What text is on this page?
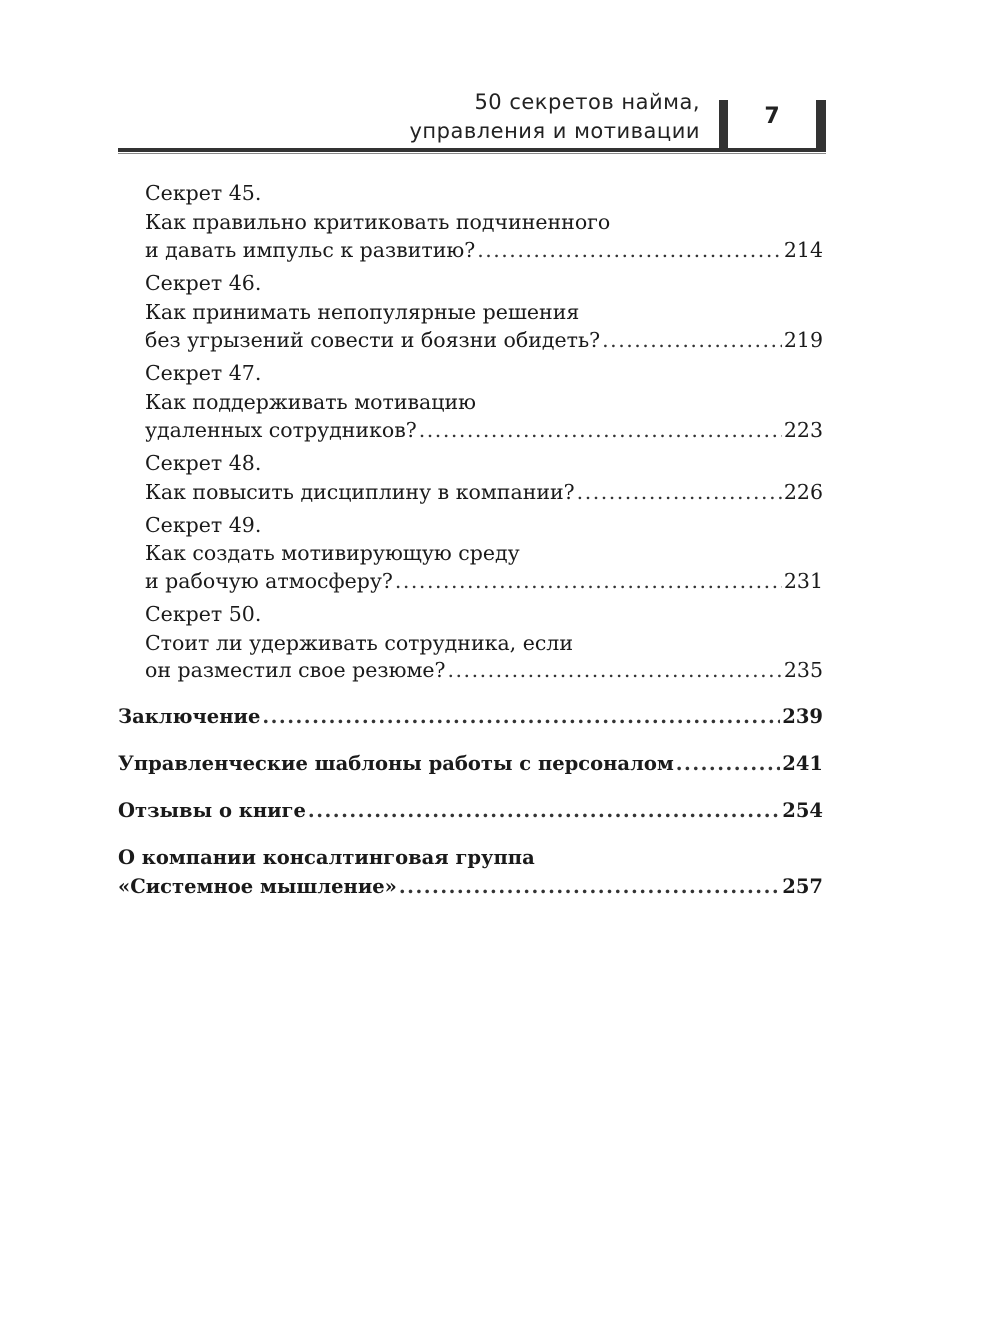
50 секретов найма,
управления и мотивации
7
Секрет 45.
Как правильно критиковать подчиненного
и давать импульс к развитию? .....	214
Секрет 46.
Как принимать непопулярные решения
без угрызений совести и боязни обидеть? .....	219
Секрет 47.
Как поддерживать мотивацию
удаленных сотрудников? .....	223
Секрет 48.
Как повысить дисциплину в компании? .....	226
Секрет 49.
Как создать мотивирующую среду
и рабочую атмосферу? .....	231
Секрет 50.
Стоит ли удерживать сотрудника, если
он разместил свое резюме? .....	235
Заключение .....	239
Управленческие шаблоны работы с персоналом .....	241
Отзывы о книге .....	254
О компании консалтинговая группа
«Системное мышление» .....	257
